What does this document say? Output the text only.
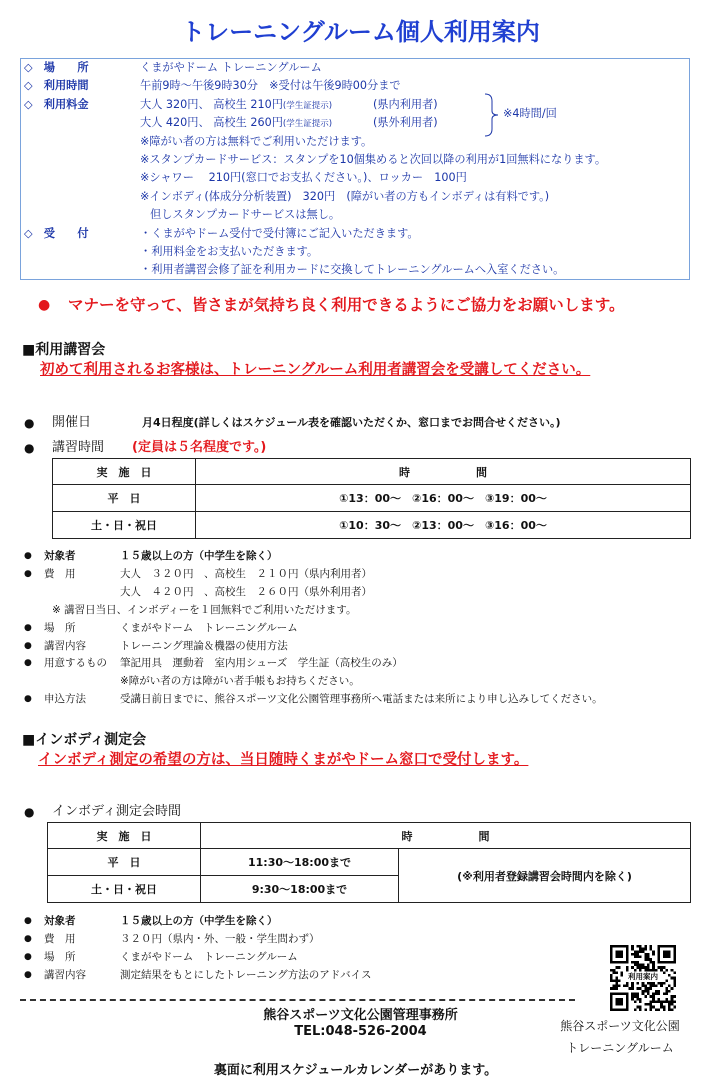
トレーニングルーム個人利用案内
◇　場　　所	くまがやドーム トレーニングルーム
◇　利用時間	午前9時～午後9時30分　※受付は午後9時00分まで
◇　利用料金	大人 320円、 高校生 210円(学生証提示)	(県内利用者)
大人 420円、 高校生 260円(学生証提示)	(県外利用者)
※4時間/回
※障がい者の方は無料でご利用いただけます。
※スタンプカードサービス：スタンプを10個集めると次回以降の利用が1回無料になります。
※シャワー　 210円(窓口でお支払ください。)、ロッカー　100円
※インボディ(体成分分析装置)　320円　(障がい者の方もインボディは有料です。)
但しスタンプカードサービスは無し。
◇　受　　付	・くまがやドーム受付で受付簿にご記入いただきます。
・利用料金をお支払いただきます。
・利用者講習会修了証を利用カードに交換してトレーニングルームへ入室ください。
● マナーを守って、皆さまが気持ち良く利用できるようにご協力をお願いします。
■利用講習会
初めて利用されるお客様は、トレーニングルーム利用者講習会を受講してください。
● 開催日	月4日程度(詳しくはスケジュール表を確認いただくか、窓口までお問合せください。)
● 講習時間 (定員は５名程度です。)
実　施　日	時　　　　　　間
平　日	①13：00～　②16：00～　③19：00～
土・日・祝日	①10：30～　②13：00～　③16：00～
● 対象者	１５歳以上の方（中学生を除く）
● 費　用	大人　３２０円　、高校生　２１０円（県内利用者）
大人　４２０円　、高校生　２６０円（県外利用者）
※ 講習日当日、インボディーを１回無料でご利用いただけます。
● 場　所	くまがやドーム　トレーニングルーム
● 講習内容	トレーニング理論＆機器の使用方法
● 用意するもの 筆記用具　運動着　室内用シューズ　学生証（高校生のみ）
※障がい者の方は障がい者手帳もお持ちください。
● 申込方法	受講日前日までに、熊谷スポーツ文化公園管理事務所へ電話または来所により申し込みしてください。
■インボディ測定会
インボディ測定の希望の方は、当日随時くまがやドーム窓口で受付します。
● インボディ測定会時間
実　施　日	時　　　　　　間	
平　日	11:30～18:00まで	(※利用者登録講習会時間内を除く)
土・日・祝日	9:30～18:00まで	
● 対象者	１５歳以上の方（中学生を除く）
● 費　用	３２０円（県内・外、一般・学生問わず）
● 場　所	くまがやドーム　トレーニングルーム
● 講習内容	測定結果をもとにしたトレーニング方法のアドバイス
熊谷スポーツ文化公園管理事務所
TEL:048-526-2004
利用案内
熊谷スポーツ文化公園
トレーニングルーム
裏面に利用スケジュールカレンダーがあります。
